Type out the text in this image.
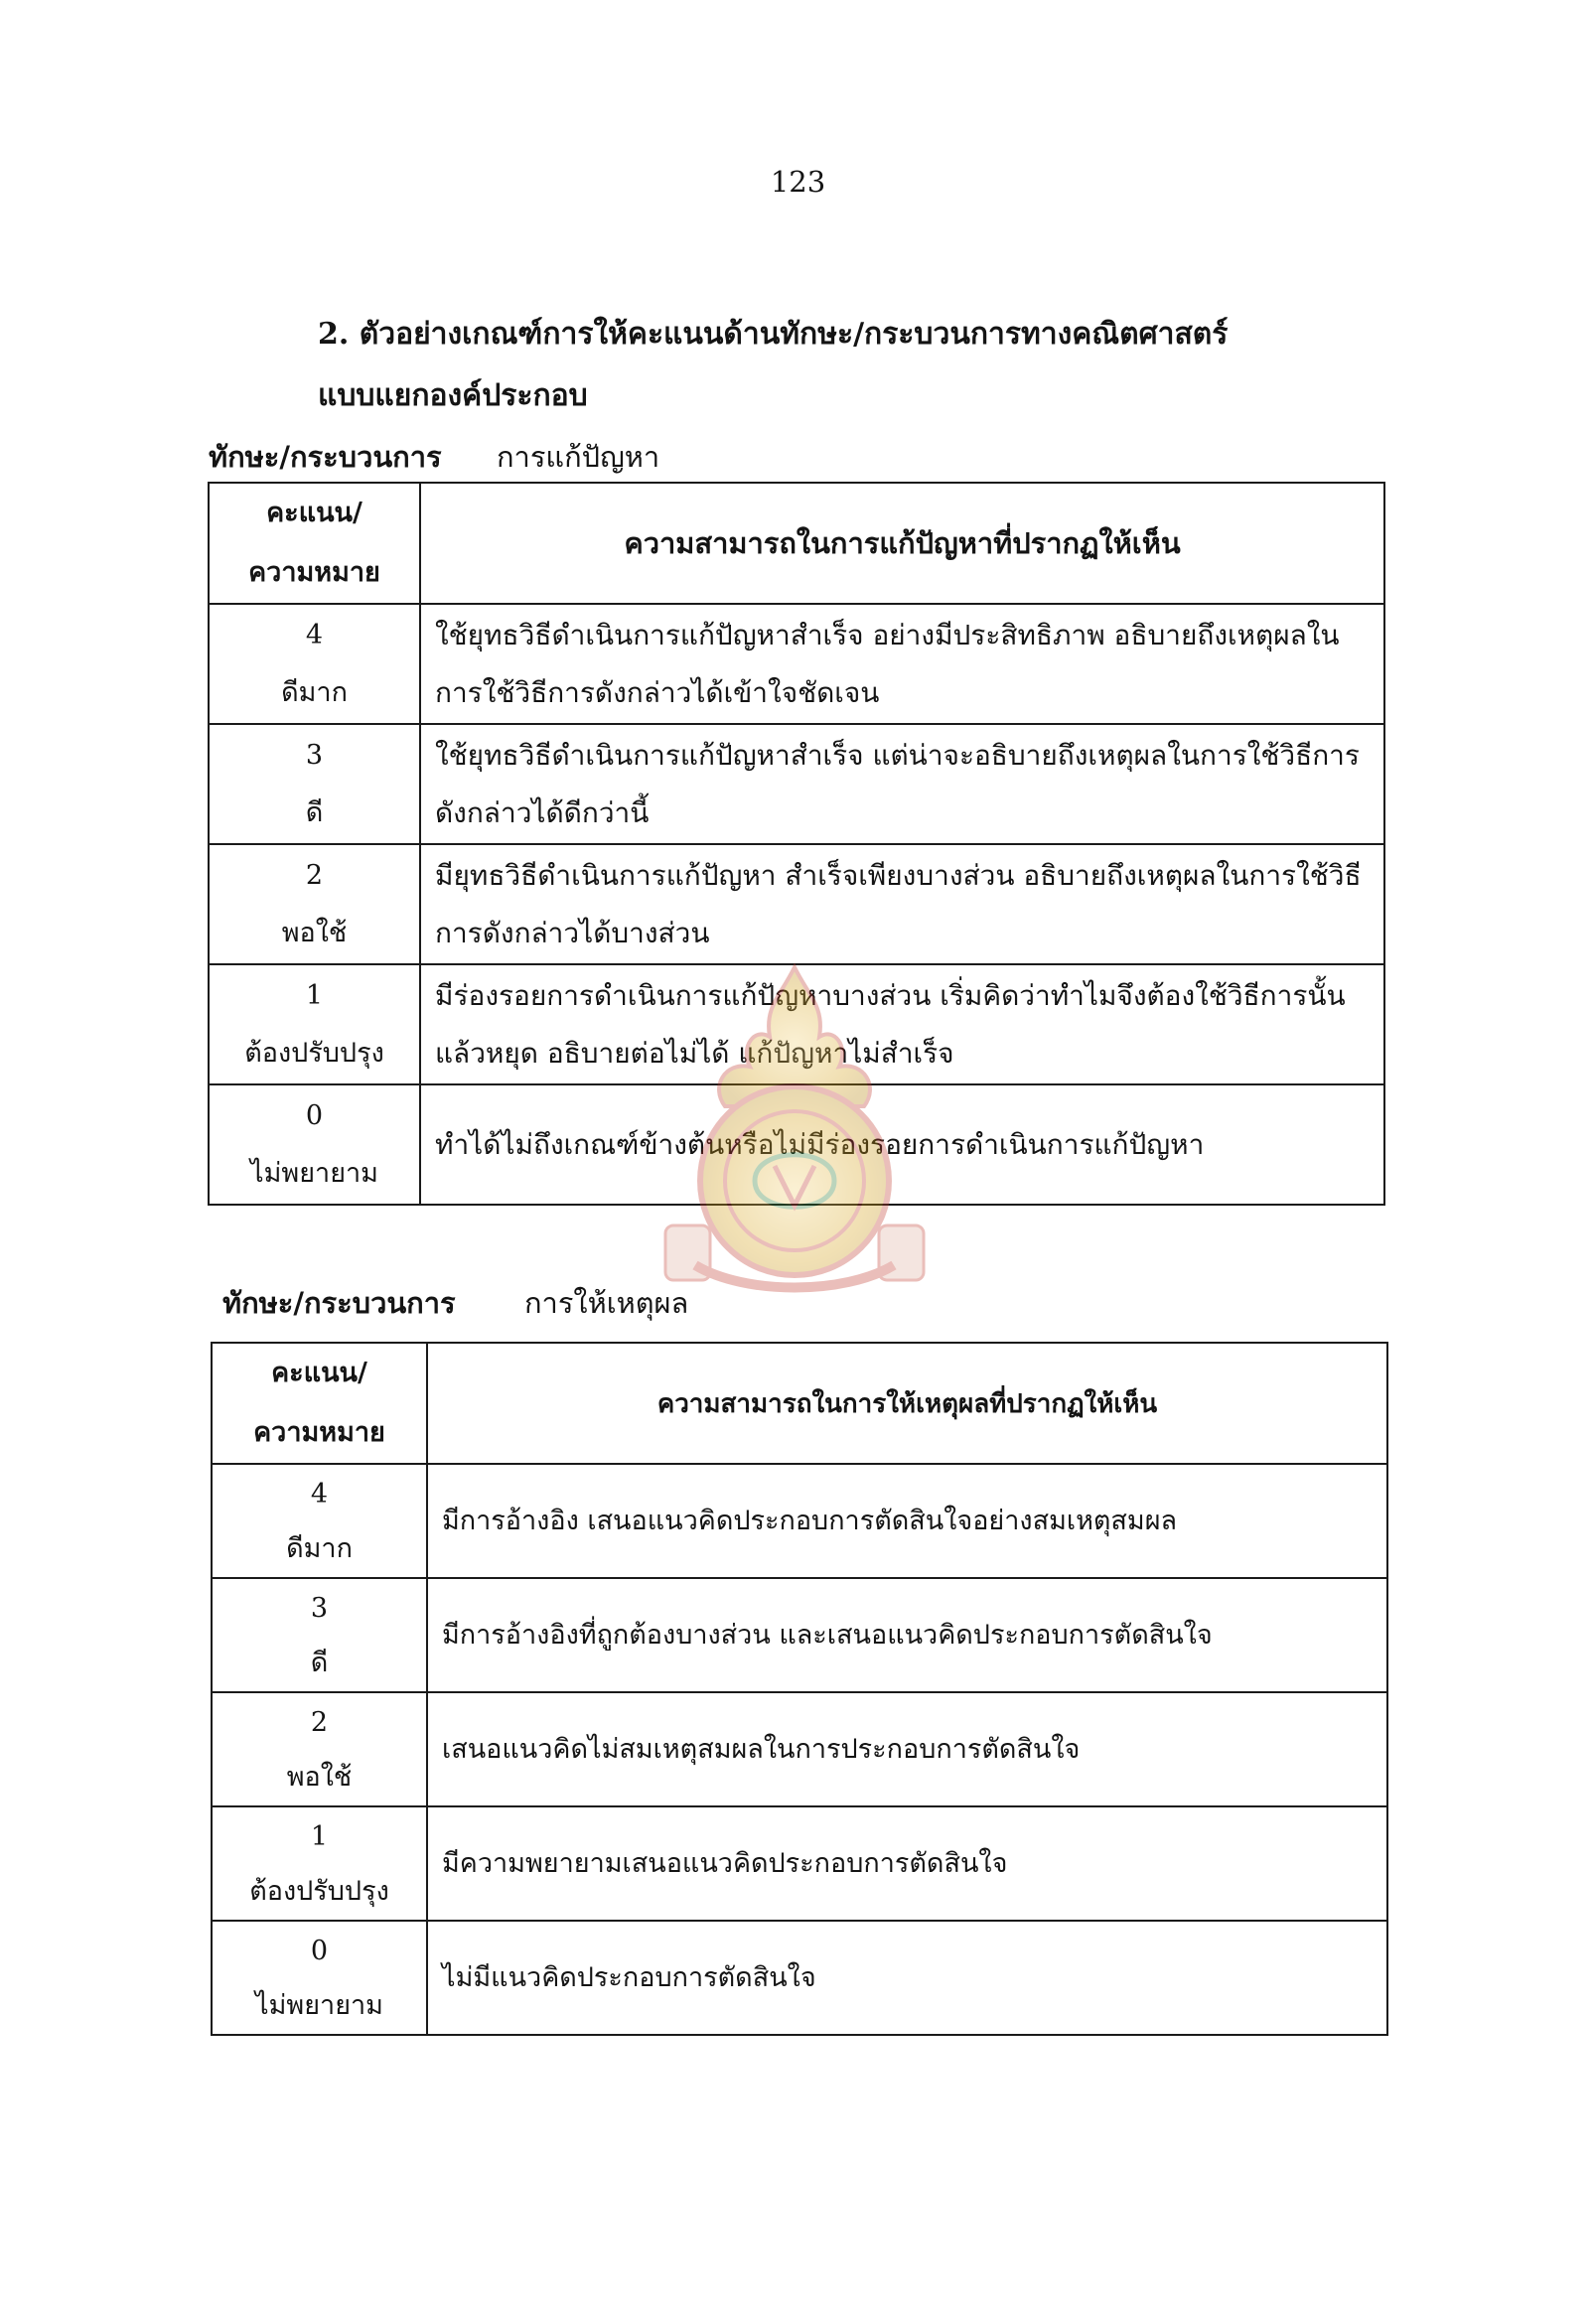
123
2. ตัวอย่างเกณฑ์การให้คะแนนด้านทักษะ/กระบวนการทางคณิตศาสตร์
แบบแยกองค์ประกอบ
ทักษะ/กระบวนการ การแก้ปัญหา
คะแนน/
ความหมาย	ความสามารถในการแก้ปัญหาที่ปรากฏให้เห็น

4
ดีมาก	ใช้ยุทธวิธีดำเนินการแก้ปัญหาสำเร็จ อย่างมีประสิทธิภาพ อธิบายถึงเหตุผลใน
การใช้วิธีการดังกล่าวได้เข้าใจชัดเจน

3
ดี	ใช้ยุทธวิธีดำเนินการแก้ปัญหาสำเร็จ แต่น่าจะอธิบายถึงเหตุผลในการใช้วิธีการ
ดังกล่าวได้ดีกว่านี้

2
พอใช้	มียุทธวิธีดำเนินการแก้ปัญหา สำเร็จเพียงบางส่วน อธิบายถึงเหตุผลในการใช้วิธี
การดังกล่าวได้บางส่วน

1
ต้องปรับปรุง	มีร่องรอยการดำเนินการแก้ปัญหาบางส่วน เริ่มคิดว่าทำไมจึงต้องใช้วิธีการนั้น
แล้วหยุด อธิบายต่อไม่ได้ แก้ปัญหาไม่สำเร็จ

0
ไม่พยายาม	ทำได้ไม่ถึงเกณฑ์ข้างต้นหรือไม่มีร่องรอยการดำเนินการแก้ปัญหา
ทักษะ/กระบวนการ การให้เหตุผล
คะแนน/
ความหมาย	ความสามารถในการให้เหตุผลที่ปรากฏให้เห็น

4
ดีมาก	มีการอ้างอิง เสนอแนวคิดประกอบการตัดสินใจอย่างสมเหตุสมผล

3
ดี	มีการอ้างอิงที่ถูกต้องบางส่วน และเสนอแนวคิดประกอบการตัดสินใจ

2
พอใช้	เสนอแนวคิดไม่สมเหตุสมผลในการประกอบการตัดสินใจ

1
ต้องปรับปรุง	มีความพยายามเสนอแนวคิดประกอบการตัดสินใจ

0
ไม่พยายาม	ไม่มีแนวคิดประกอบการตัดสินใจ
